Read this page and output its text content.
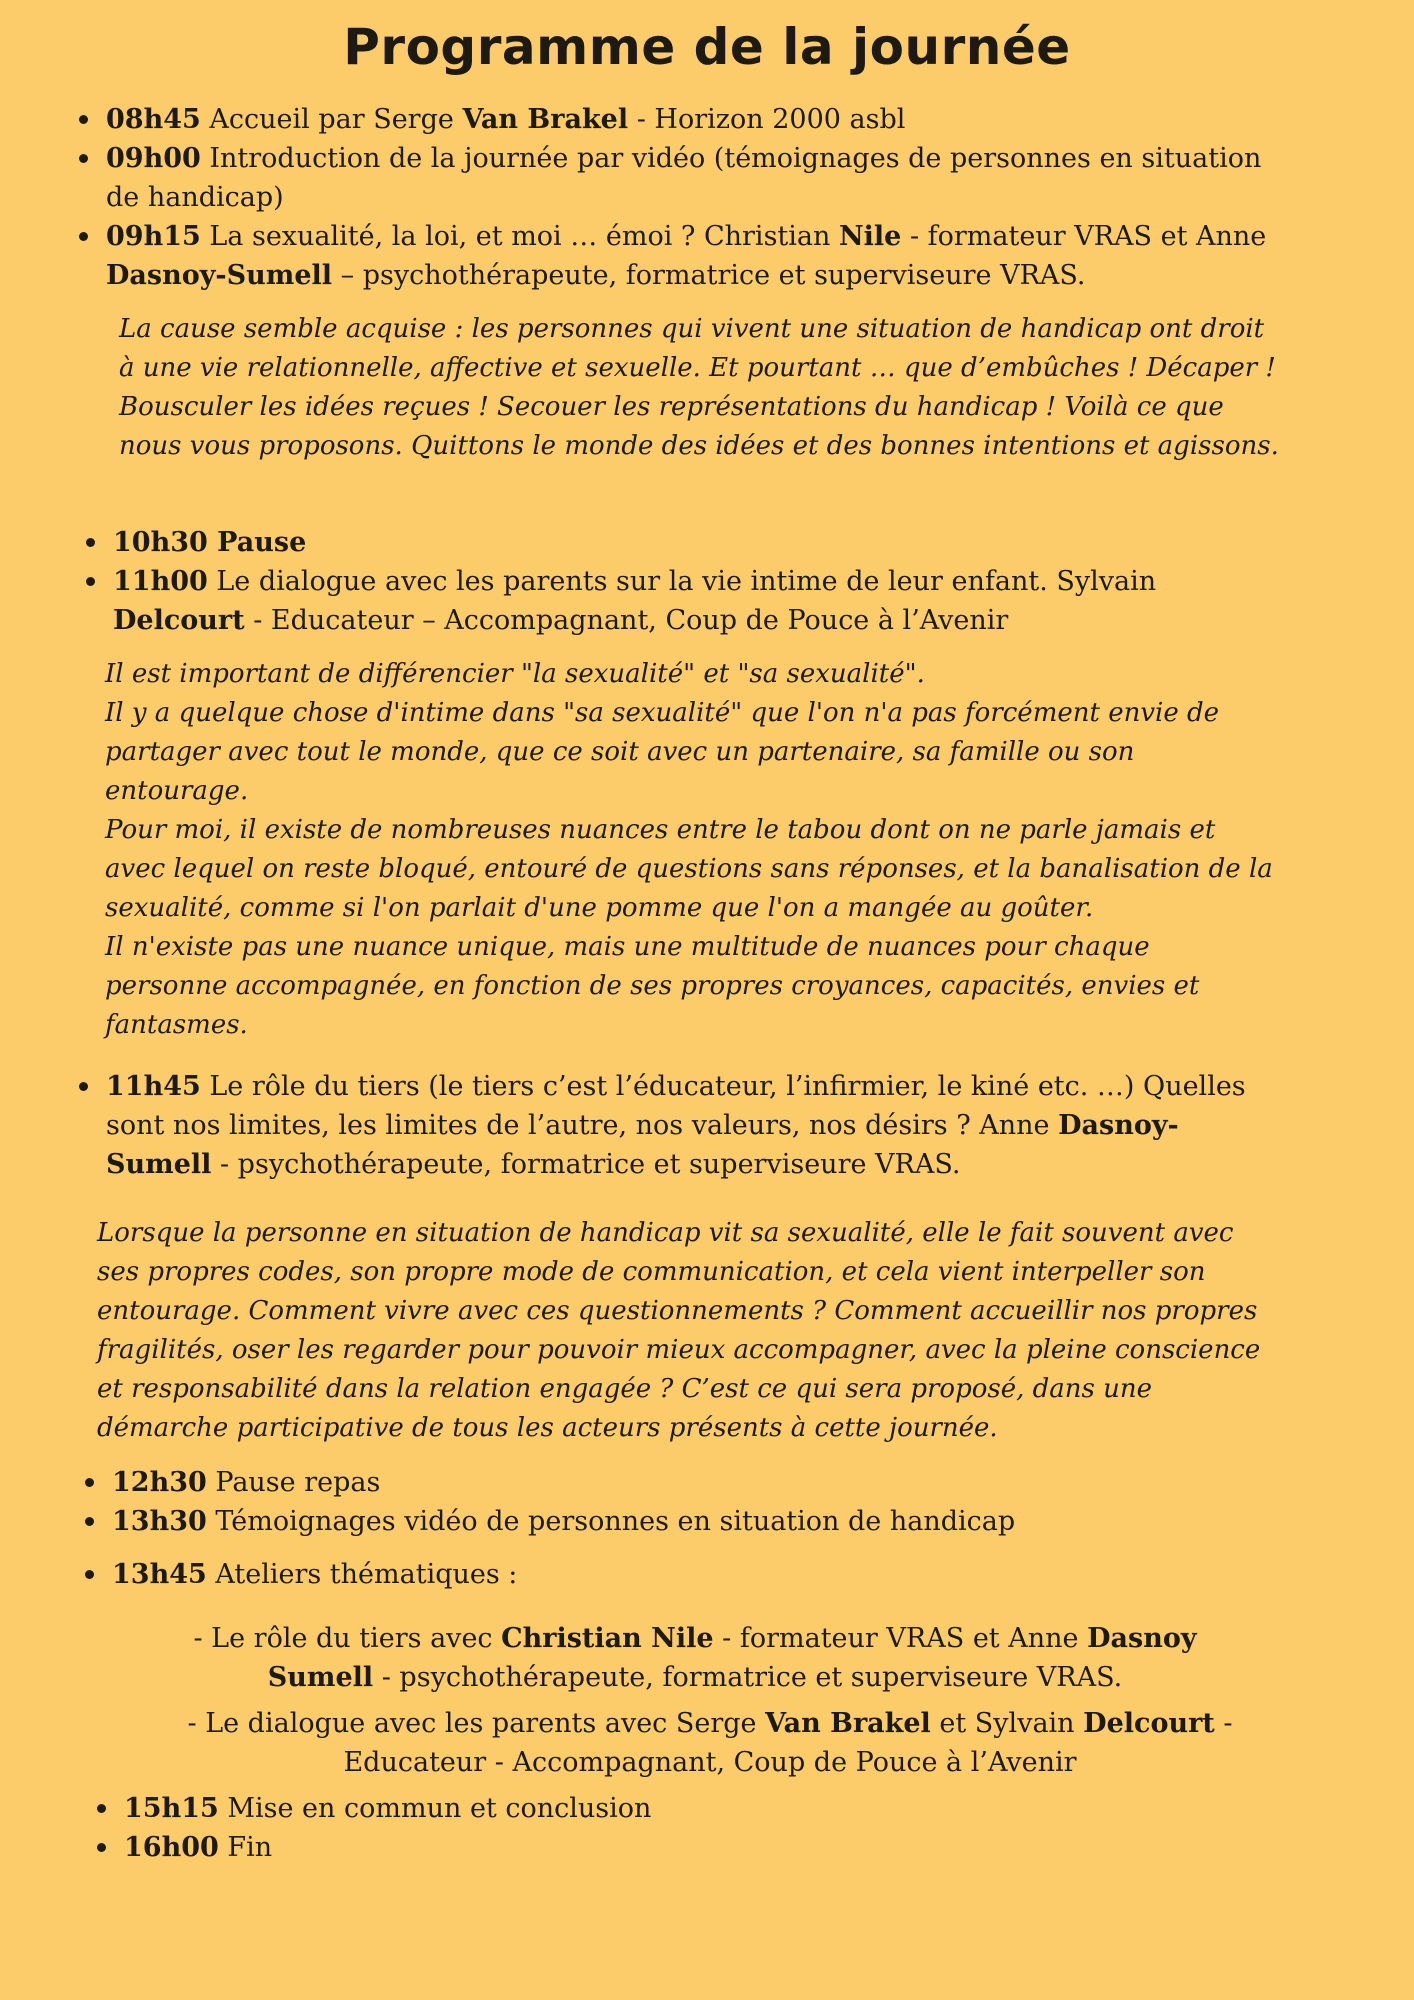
Programme de la journée
08h45 Accueil par Serge Van Brakel - Horizon 2000 asbl
09h00 Introduction de la journée par vidéo (témoignages de personnes en situation de handicap)
09h15 La sexualité, la loi, et moi … émoi ? Christian Nile - formateur VRAS et Anne Dasnoy-Sumell – psychothérapeute, formatrice et superviseure VRAS.

La cause semble acquise : les personnes qui vivent une situation de handicap ont droit à une vie relationnelle, affective et sexuelle. Et pourtant … que d’embûches ! Décaper ! Bousculer les idées reçues ! Secouer les représentations du handicap ! Voilà ce que nous vous proposons. Quittons le monde des idées et des bonnes intentions et agissons.

10h30 Pause
11h00 Le dialogue avec les parents sur la vie intime de leur enfant. Sylvain Delcourt - Educateur – Accompagnant, Coup de Pouce à l’Avenir

Il est important de différencier "la sexualité" et "sa sexualité".

Il y a quelque chose d'intime dans "sa sexualité" que l'on n'a pas forcément envie de partager avec tout le monde, que ce soit avec un partenaire, sa famille ou son entourage.

Pour moi, il existe de nombreuses nuances entre le tabou dont on ne parle jamais et avec lequel on reste bloqué, entouré de questions sans réponses, et la banalisation de la sexualité, comme si l'on parlait d'une pomme que l'on a mangée au goûter.

Il n'existe pas une nuance unique, mais une multitude de nuances pour chaque personne accompagnée, en fonction de ses propres croyances, capacités, envies et fantasmes.

11h45 Le rôle du tiers (le tiers c’est l’éducateur, l’infirmier, le kiné etc. …) Quelles sont nos limites, les limites de l’autre, nos valeurs, nos désirs ? Anne Dasnoy-Sumell - psychothérapeute, formatrice et superviseure VRAS.

Lorsque la personne en situation de handicap vit sa sexualité, elle le fait souvent avec ses propres codes, son propre mode de communication, et cela vient interpeller son entourage. Comment vivre avec ces questionnements ? Comment accueillir nos propres fragilités, oser les regarder pour pouvoir mieux accompagner, avec la pleine conscience et responsabilité dans la relation engagée ? C’est ce qui sera proposé, dans une démarche participative de tous les acteurs présents à cette journée.

12h30 Pause repas
13h30 Témoignages vidéo de personnes en situation de handicap
13h45 Ateliers thématiques :
- Le rôle du tiers avec Christian Nile - formateur VRAS et Anne Dasnoy Sumell - psychothérapeute, formatrice et superviseure VRAS.
- Le dialogue avec les parents avec Serge Van Brakel et Sylvain Delcourt - Educateur - Accompagnant, Coup de Pouce à l’Avenir
15h15 Mise en commun et conclusion
16h00 Fin
